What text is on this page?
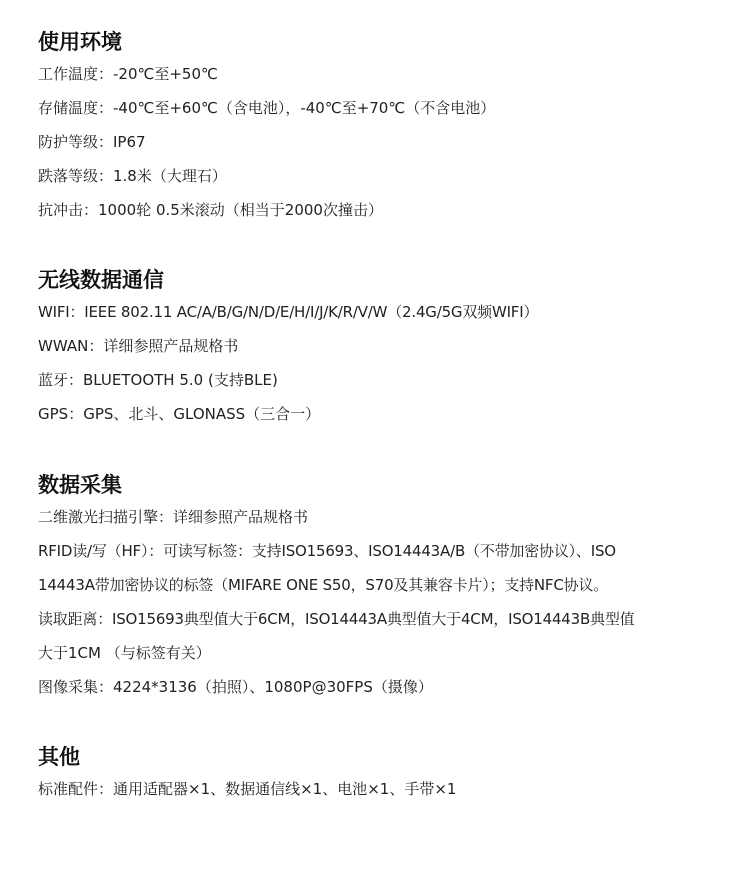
使用环境
工作温度：-20℃至+50℃
存储温度：-40℃至+60℃（含电池），-40℃至+70℃（不含电池）
防护等级：IP67
跌落等级：1.8米（大理石）
抗冲击：1000轮 0.5米滚动（相当于2000次撞击）
无线数据通信
WIFI：IEEE 802.11 AC/A/B/G/N/D/E/H/I/J/K/R/V/W（2.4G/5G双频WIFI）
WWAN：详细参照产品规格书
蓝牙：BLUETOOTH 5.0 (支持BLE)
GPS：GPS、北斗、GLONASS（三合一）
数据采集
二维激光扫描引擎：详细参照产品规格书
RFID读/写（HF）：可读写标签：支持ISO15693、ISO14443A/B（不带加密协议）、ISO
14443A带加密协议的标签（MIFARE ONE S50，S70及其兼容卡片）；支持NFC协议。
读取距离：ISO15693典型值大于6CM，ISO14443A典型值大于4CM，ISO14443B典型值
大于1CM （与标签有关）
图像采集：4224*3136（拍照）、1080P@30FPS（摄像）
其他
标准配件：通用适配器×1、数据通信线×1、电池×1、手带×1
